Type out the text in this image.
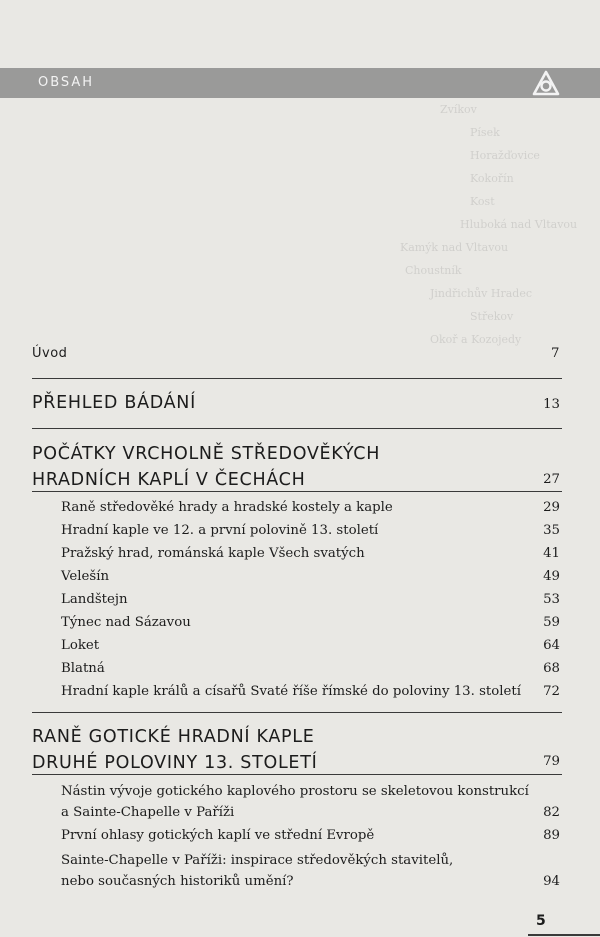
OBSAH
Zvíkov
Písek
Horažďovice
Kokořín
Kost
Hluboká nad Vltavou
Kamýk nad Vltavou
Choustník
Jindřichův Hradec
Střekov
Okoř a Kozojedy
Úvod	7
PŘEHLED BÁDÁNÍ	13
POČÁTKY VRCHOLNĚ STŘEDOVĚKÝCH
HRADNÍCH KAPLÍ V ČECHÁCH	27
Raně středověké hrady a hradské kostely a kaple	29
Hradní kaple ve 12. a první polovině 13. století	35
Pražský hrad, románská kaple Všech svatých	41
Velešín	49
Landštejn	53
Týnec nad Sázavou	59
Loket	64
Blatná	68
Hradní kaple králů a císařů Svaté říše římské do poloviny 13. století	72
RANĚ GOTICKÉ HRADNÍ KAPLE
DRUHÉ POLOVINY 13. STOLETÍ	79
Nástin vývoje gotického kaplového prostoru se skeletovou konstrukcí
a Sainte-Chapelle v Paříži	82
První ohlasy gotických kaplí ve střední Evropě	89
Sainte-Chapelle v Paříži: inspirace středověkých stavitelů,
nebo současných historiků umění?	94
5
